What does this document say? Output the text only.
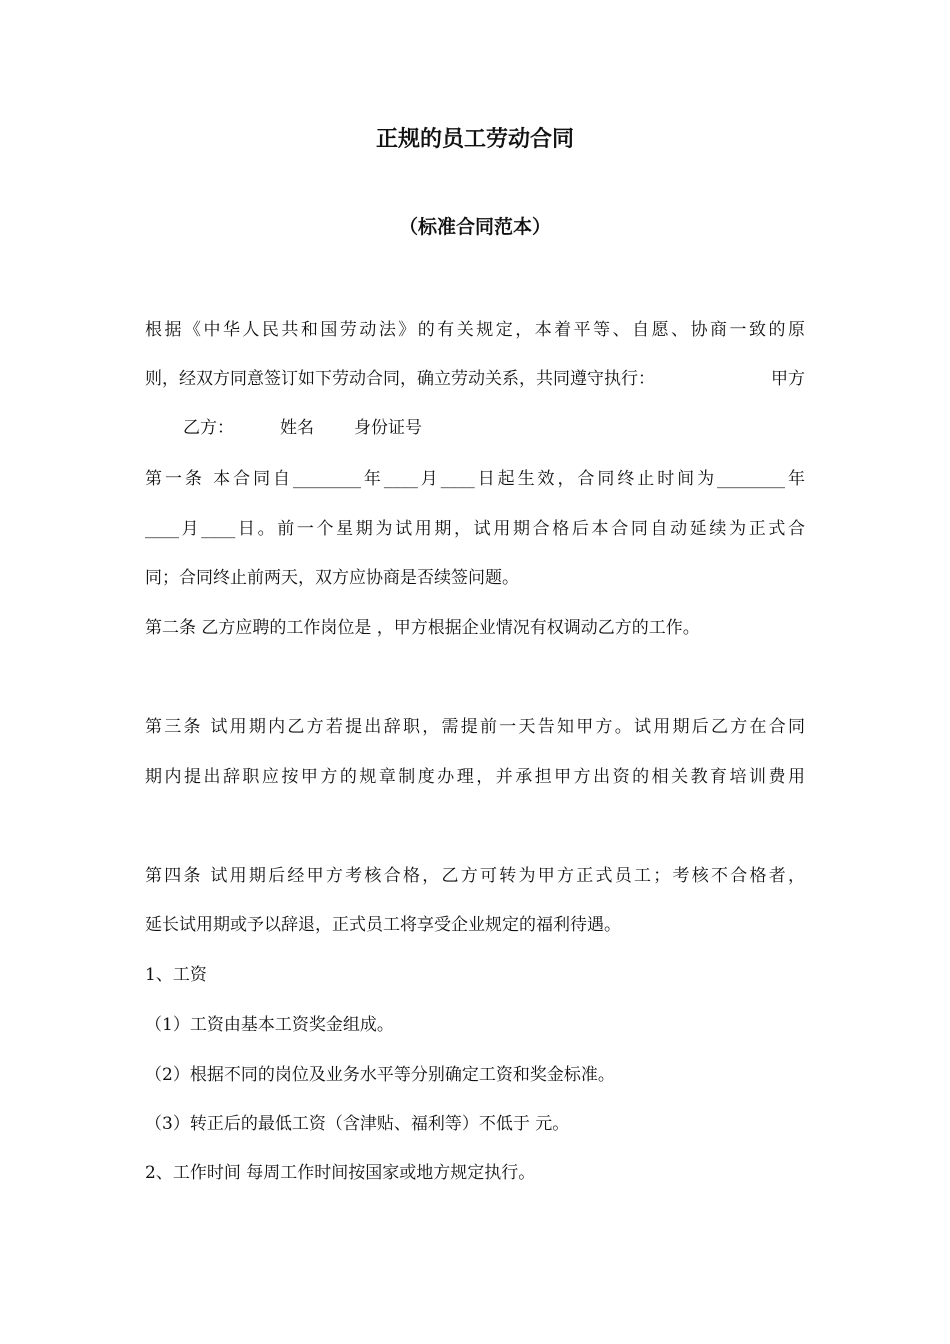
正规的员工劳动合同
（标准合同范本）
根据《中华人民共和国劳动法》的有关规定，本着平等、自愿、协商一致的原
则，经双方同意签订如下劳动合同，确立劳动关系，共同遵守执行：	甲方
乙方：	姓名 身份证号
第一条 本合同自________年____月____日起生效，合同终止时间为________年
____月____日。前一个星期为试用期，试用期合格后本合同自动延续为正式合
同；合同终止前两天，双方应协商是否续签问题。
第二条 乙方应聘的工作岗位是 ，甲方根据企业情况有权调动乙方的工作。
第三条 试用期内乙方若提出辞职，需提前一天告知甲方。试用期后乙方在合同
期内提出辞职应按甲方的规章制度办理，并承担甲方出资的相关教育培训费用
第四条 试用期后经甲方考核合格，乙方可转为甲方正式员工；考核不合格者，
延长试用期或予以辞退，正式员工将享受企业规定的福利待遇。
1、工资
（1）工资由基本工资奖金组成。
（2）根据不同的岗位及业务水平等分别确定工资和奖金标准。
（3）转正后的最低工资（含津贴、福利等）不低于 元。
2、工作时间 每周工作时间按国家或地方规定执行。
